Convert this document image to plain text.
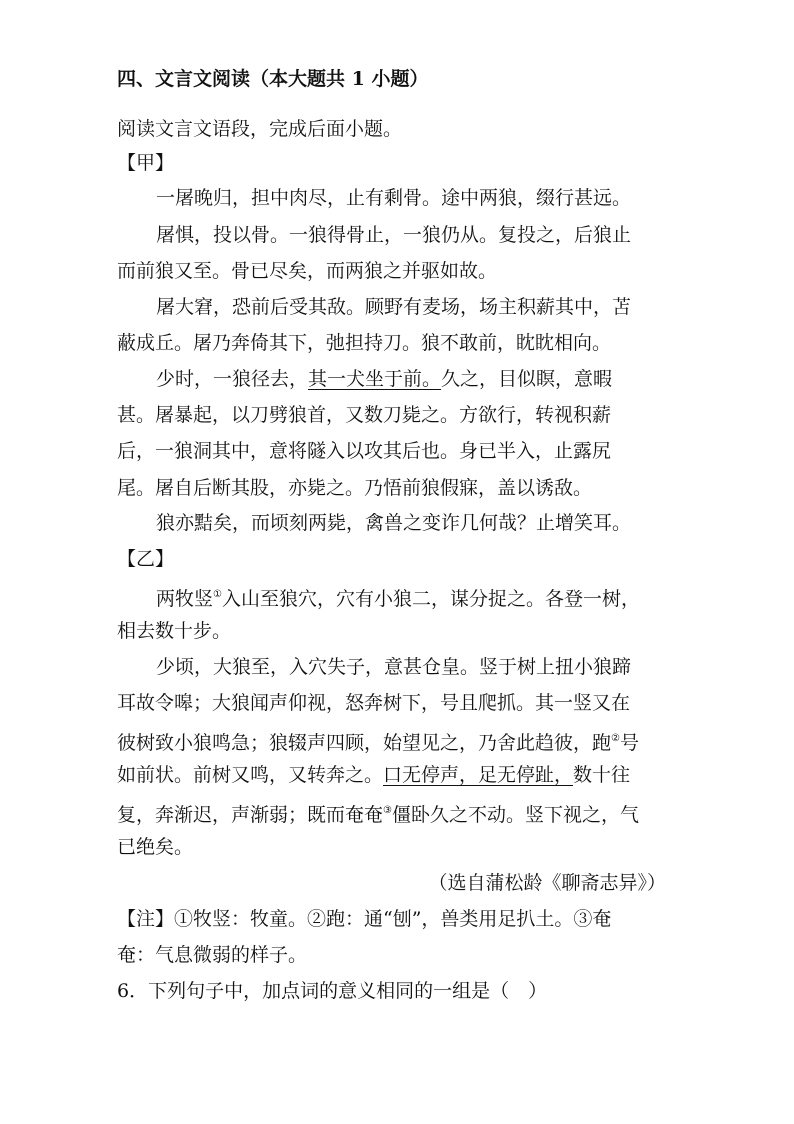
四、文言文阅读（本大题共 1 小题）
阅读文言文语段，完成后面小题。
【甲】
一屠晚归，担中肉尽，止有剩骨。途中两狼，缀行甚远。
屠惧，投以骨。一狼得骨止，一狼仍从。复投之，后狼止
而前狼又至。骨已尽矣，而两狼之并驱如故。
屠大窘，恐前后受其敌。顾野有麦场，场主积薪其中，苫
蔽成丘。屠乃奔倚其下，弛担持刀。狼不敢前，眈眈相向。
少时，一狼径去，其一犬坐于前。久之，目似瞑，意暇
甚。屠暴起，以刀劈狼首，又数刀毙之。方欲行，转视积薪
后，一狼洞其中，意将隧入以攻其后也。身已半入，止露尻
尾。屠自后断其股，亦毙之。乃悟前狼假寐，盖以诱敌。
狼亦黠矣，而顷刻两毙，禽兽之变诈几何哉？止增笑耳。
【乙】
两牧竖①入山至狼穴，穴有小狼二，谋分捉之。各登一树，
相去数十步。
少顷，大狼至，入穴失子，意甚仓皇。竖于树上扭小狼蹄
耳故令嗥；大狼闻声仰视，怒奔树下，号且爬抓。其一竖又在
彼树致小狼鸣急；狼辍声四顾，始望见之，乃舍此趋彼，跑②号
如前状。前树又鸣，又转奔之。口无停声，足无停趾，数十往
复，奔渐迟，声渐弱；既而奄奄③僵卧久之不动。竖下视之，气
已绝矣。
（选自蒲松龄《聊斋志异》）
【注】①牧竖：牧童。②跑：通“刨”，兽类用足扒土。③奄
奄：气息微弱的样子。
6．下列句子中，加点词的意义相同的一组是（　）
